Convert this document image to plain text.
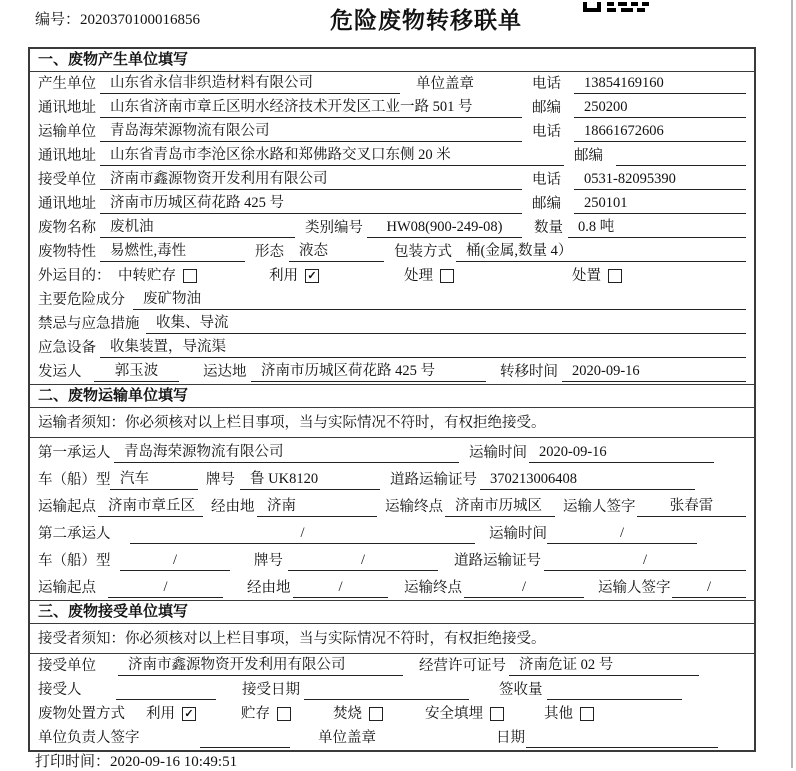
编号：2020370100016856	危险废物转移联单
一、废物产生单位填写
产生单位 山东省永信非织造材料有限公司	单位盖章	电话	13854169160
通讯地址 山东省济南市章丘区明水经济技术开发区工业一路 501 号	邮编	250200
运输单位 青岛海荣源物流有限公司	电话	18661672606
通讯地址 山东省青岛市李沧区徐水路和郑佛路交叉口东侧 20 米	邮编
接受单位 济南市鑫源物资开发利用有限公司	电话	0531-82095390
通讯地址 济南市历城区荷花路 425 号	邮编	250101
废物名称 废机油	类别编号	HW08(900-249-08)	数量	0.8 吨
废物特性 易燃性,毒性	形态	液态	包装方式 桶(金属,数量 4）
外运目的： 中转贮存	利用 ✓	处理	处置
主要危险成分	废矿物油
禁忌与应急措施	收集、导流
应急设备 收集装置，导流渠
发运人	郭玉波	运达地	济南市历城区荷花路 425 号	转移时间 2020-09-16
二、废物运输单位填写
运输者须知：你必须核对以上栏目事项，当与实际情况不符时，有权拒绝接受。
第一承运人 青岛海荣源物流有限公司	运输时间 2020-09-16
车（船）型 汽车	牌号	鲁 UK8120	道路运输证号 370213006408
运输起点 济南市章丘区	经由地 济南	运输终点 济南市历城区	运输人签字	张春雷
第二承运人	/	运输时间	/
车（船）型	/	牌号	/	道路运输证号	/
运输起点	/	经由地	/	运输终点	/	运输人签字	/
三、废物接受单位填写
接受者须知：你必须核对以上栏目事项，当与实际情况不符时，有权拒绝接受。
接受单位	济南市鑫源物资开发利用有限公司	经营许可证号 济南危证 02 号
接受人	接受日期	签收量
废物处置方式	利用 ✓	贮存	焚烧	安全填埋	其他
单位负责人签字	单位盖章	日期
打印时间：2020-09-16 10:49:51
